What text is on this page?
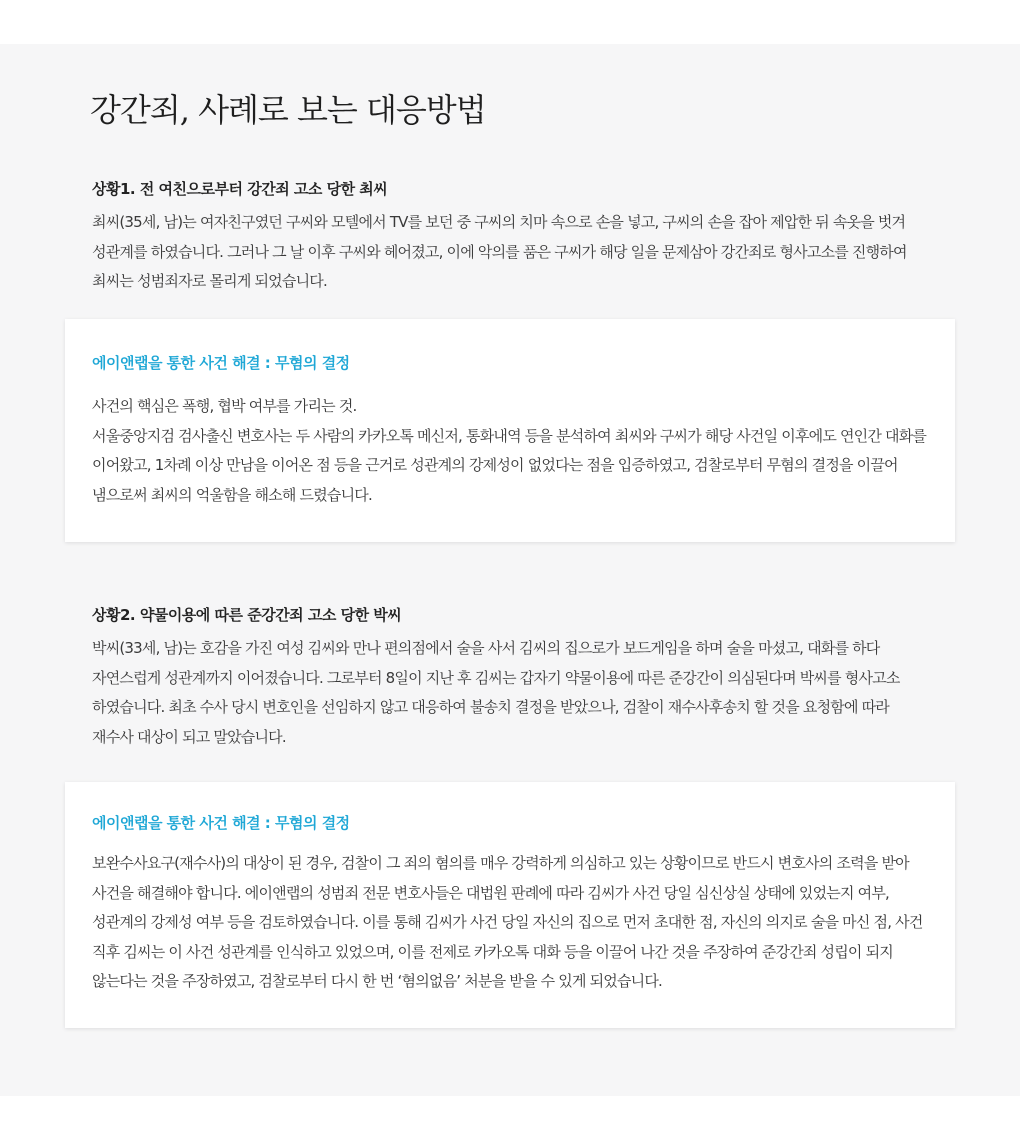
강간죄, 사례로 보는 대응방법
상황1. 전 여친으로부터 강간죄 고소 당한 최씨

최씨(35세, 남)는 여자친구였던 구씨와 모텔에서 TV를 보던 중 구씨의 치마 속으로 손을 넣고, 구씨의 손을 잡아 제압한 뒤 속옷을 벗겨 성관계를 하였습니다. 그러나 그 날 이후 구씨와 헤어졌고, 이에 악의를 품은 구씨가 해당 일을 문제삼아 강간죄로 형사고소를 진행하여 최씨는 성범죄자로 몰리게 되었습니다.

에이앤랩을 통한 사건 해결 : 무혐의 결정

사건의 핵심은 폭행, 협박 여부를 가리는 것.

서울중앙지검 검사출신 변호사는 두 사람의 카카오톡 메신저, 통화내역 등을 분석하여 최씨와 구씨가 해당 사건일 이후에도 연인간 대화를 이어왔고, 1차례 이상 만남을 이어온 점 등을 근거로 성관계의 강제성이 없었다는 점을 입증하였고, 검찰로부터 무혐의 결정을 이끌어 냄으로써 최씨의 억울함을 해소해 드렸습니다.

상황2. 약물이용에 따른 준강간죄 고소 당한 박씨

박씨(33세, 남)는 호감을 가진 여성 김씨와 만나 편의점에서 술을 사서 김씨의 집으로가 보드게임을 하며 술을 마셨고, 대화를 하다 자연스럽게 성관계까지 이어졌습니다. 그로부터 8일이 지난 후 김씨는 갑자기 약물이용에 따른 준강간이 의심된다며 박씨를 형사고소 하였습니다. 최초 수사 당시 변호인을 선임하지 않고 대응하여 불송치 결정을 받았으나, 검찰이 재수사후송치 할 것을 요청함에 따라 재수사 대상이 되고 말았습니다.

에이앤랩을 통한 사건 해결 : 무혐의 결정

보완수사요구(재수사)의 대상이 된 경우, 검찰이 그 죄의 혐의를 매우 강력하게 의심하고 있는 상황이므로 반드시 변호사의 조력을 받아 사건을 해결해야 합니다. 에이앤랩의 성범죄 전문 변호사들은 대법원 판례에 따라 김씨가 사건 당일 심신상실 상태에 있었는지 여부, 성관계의 강제성 여부 등을 검토하였습니다. 이를 통해 김씨가 사건 당일 자신의 집으로 먼저 초대한 점, 자신의 의지로 술을 마신 점, 사건 직후 김씨는 이 사건 성관계를 인식하고 있었으며, 이를 전제로 카카오톡 대화 등을 이끌어 나간 것을 주장하여 준강간죄 성립이 되지 않는다는 것을 주장하였고, 검찰로부터 다시 한 번 ‘혐의없음’ 처분을 받을 수 있게 되었습니다.
